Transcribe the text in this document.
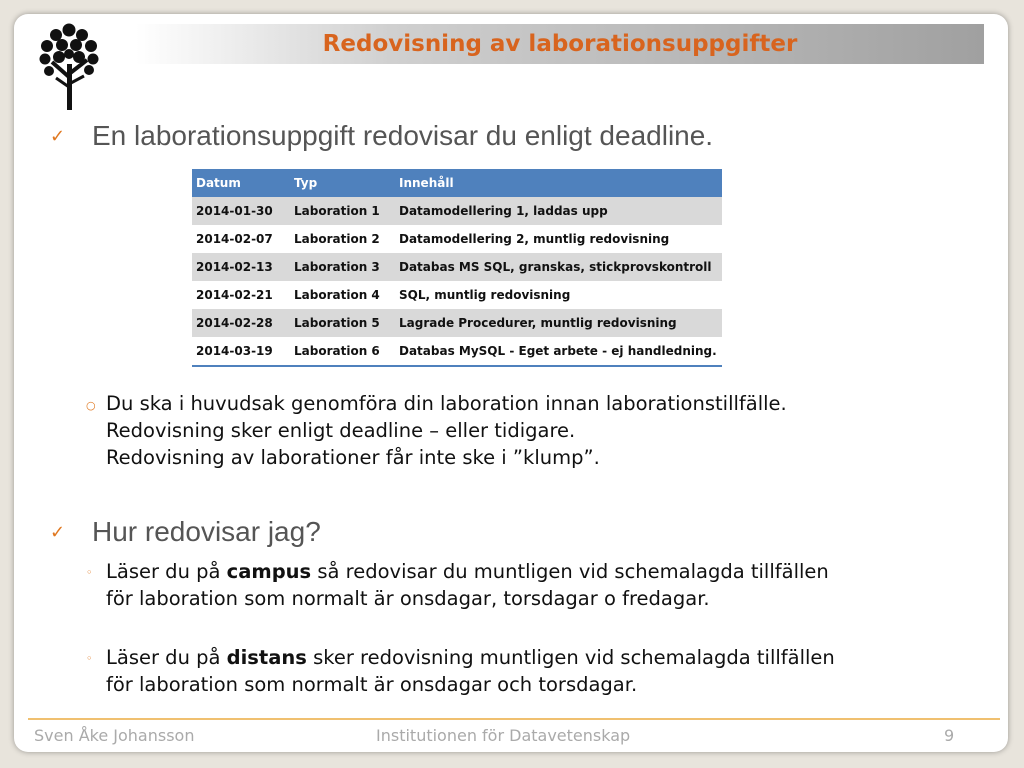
Redovisning av laborationsuppgifter
✓ En laborationsuppgift redovisar du enligt deadline.
Datum	Typ	Innehåll
2014-01-30	Laboration 1	Datamodellering 1, laddas upp
2014-02-07	Laboration 2	Datamodellering 2, muntlig redovisning
2014-02-13	Laboration 3	Databas MS SQL, granskas, stickprovskontroll
2014-02-21	Laboration 4	SQL, muntlig redovisning
2014-02-28	Laboration 5	Lagrade Procedurer, muntlig redovisning
2014-03-19	Laboration 6	Databas MySQL - Eget arbete - ej handledning.
○ Du ska i huvudsak genomföra din laboration innan laborationstillfälle.
Redovisning sker enligt deadline – eller tidigare.
Redovisning av laborationer får inte ske i ”klump”.
✓ Hur redovisar jag?
◦ Läser du på campus så redovisar du muntligen vid schemalagda tillfällen
för laboration som normalt är onsdagar, torsdagar o fredagar.
◦ Läser du på distans sker redovisning muntligen vid schemalagda tillfällen
för laboration som normalt är onsdagar och torsdagar.
Sven Åke Johansson	Institutionen för Datavetenskap	9
